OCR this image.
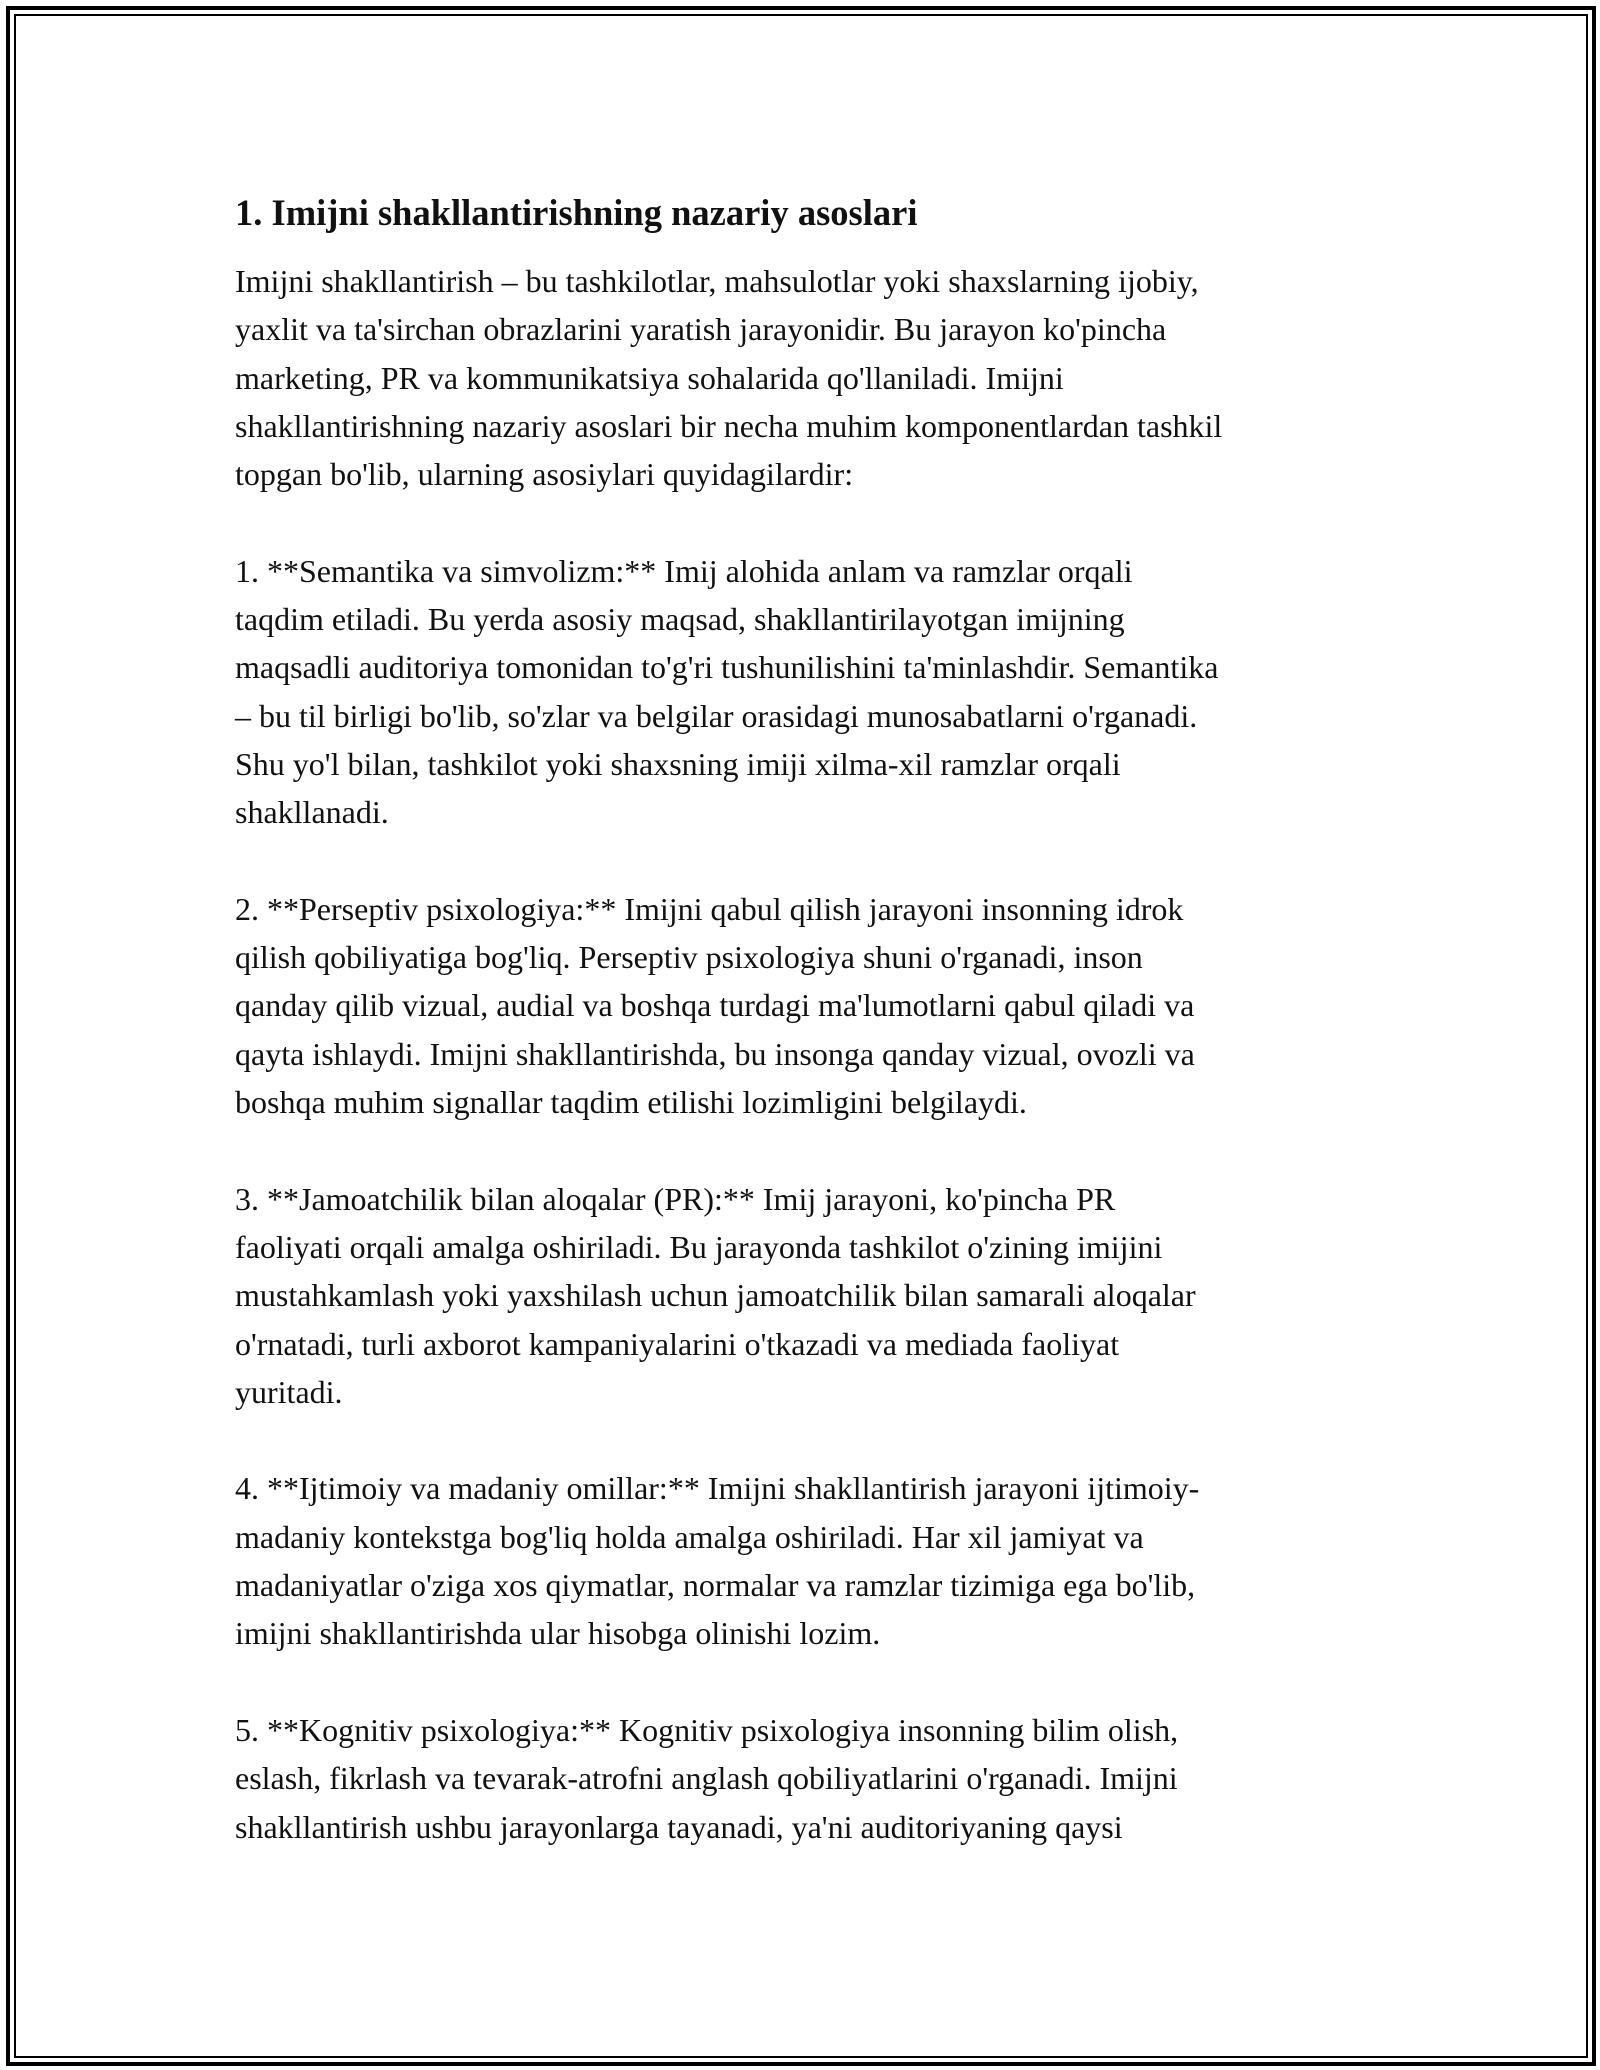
1. Imijni shakllantirishning nazariy asoslari
Imijni shakllantirish – bu tashkilotlar, mahsulotlar yoki shaxslarning ijobiy,
yaxlit va ta'sirchan obrazlarini yaratish jarayonidir. Bu jarayon ko'pincha
marketing, PR va kommunikatsiya sohalarida qo'llaniladi. Imijni
shakllantirishning nazariy asoslari bir necha muhim komponentlardan tashkil
topgan bo'lib, ularning asosiylari quyidagilardir:
1. **Semantika va simvolizm:** Imij alohida anlam va ramzlar orqali
taqdim etiladi. Bu yerda asosiy maqsad, shakllantirilayotgan imijning
maqsadli auditoriya tomonidan to'g'ri tushunilishini ta'minlashdir. Semantika
– bu til birligi bo'lib, so'zlar va belgilar orasidagi munosabatlarni o'rganadi.
Shu yo'l bilan, tashkilot yoki shaxsning imiji xilma-xil ramzlar orqali
shakllanadi.
2. **Perseptiv psixologiya:** Imijni qabul qilish jarayoni insonning idrok
qilish qobiliyatiga bog'liq. Perseptiv psixologiya shuni o'rganadi, inson
qanday qilib vizual, audial va boshqa turdagi ma'lumotlarni qabul qiladi va
qayta ishlaydi. Imijni shakllantirishda, bu insonga qanday vizual, ovozli va
boshqa muhim signallar taqdim etilishi lozimligini belgilaydi.
3. **Jamoatchilik bilan aloqalar (PR):** Imij jarayoni, ko'pincha PR
faoliyati orqali amalga oshiriladi. Bu jarayonda tashkilot o'zining imijini
mustahkamlash yoki yaxshilash uchun jamoatchilik bilan samarali aloqalar
o'rnatadi, turli axborot kampaniyalarini o'tkazadi va mediada faoliyat
yuritadi.
4. **Ijtimoiy va madaniy omillar:** Imijni shakllantirish jarayoni ijtimoiy-
madaniy kontekstga bog'liq holda amalga oshiriladi. Har xil jamiyat va
madaniyatlar o'ziga xos qiymatlar, normalar va ramzlar tizimiga ega bo'lib,
imijni shakllantirishda ular hisobga olinishi lozim.
5. **Kognitiv psixologiya:** Kognitiv psixologiya insonning bilim olish,
eslash, fikrlash va tevarak-atrofni anglash qobiliyatlarini o'rganadi. Imijni
shakllantirish ushbu jarayonlarga tayanadi, ya'ni auditoriyaning qaysi
